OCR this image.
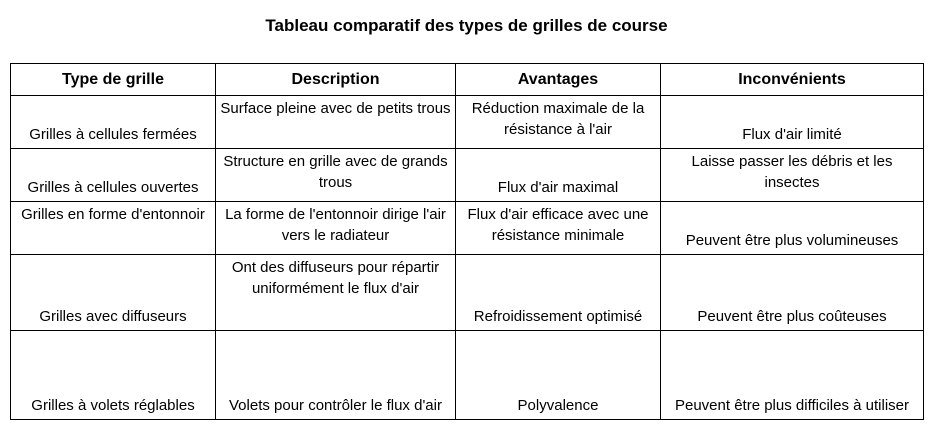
Tableau comparatif des types de grilles de course
Type de grille	Description	Avantages	Inconvénients
Grilles à cellules fermées	Surface pleine avec de petits trous	Réduction maximale de la résistance à l'air	Flux d'air limité
Grilles à cellules ouvertes	Structure en grille avec de grands trous	Flux d'air maximal	Laisse passer les débris et les insectes
Grilles en forme d'entonnoir	La forme de l'entonnoir dirige l'air vers le radiateur	Flux d'air efficace avec une résistance minimale	Peuvent être plus volumineuses
Grilles avec diffuseurs	Ont des diffuseurs pour répartir uniformément le flux d'air	Refroidissement optimisé	Peuvent être plus coûteuses
Grilles à volets réglables	Volets pour contrôler le flux d'air	Polyvalence	Peuvent être plus difficiles à utiliser
